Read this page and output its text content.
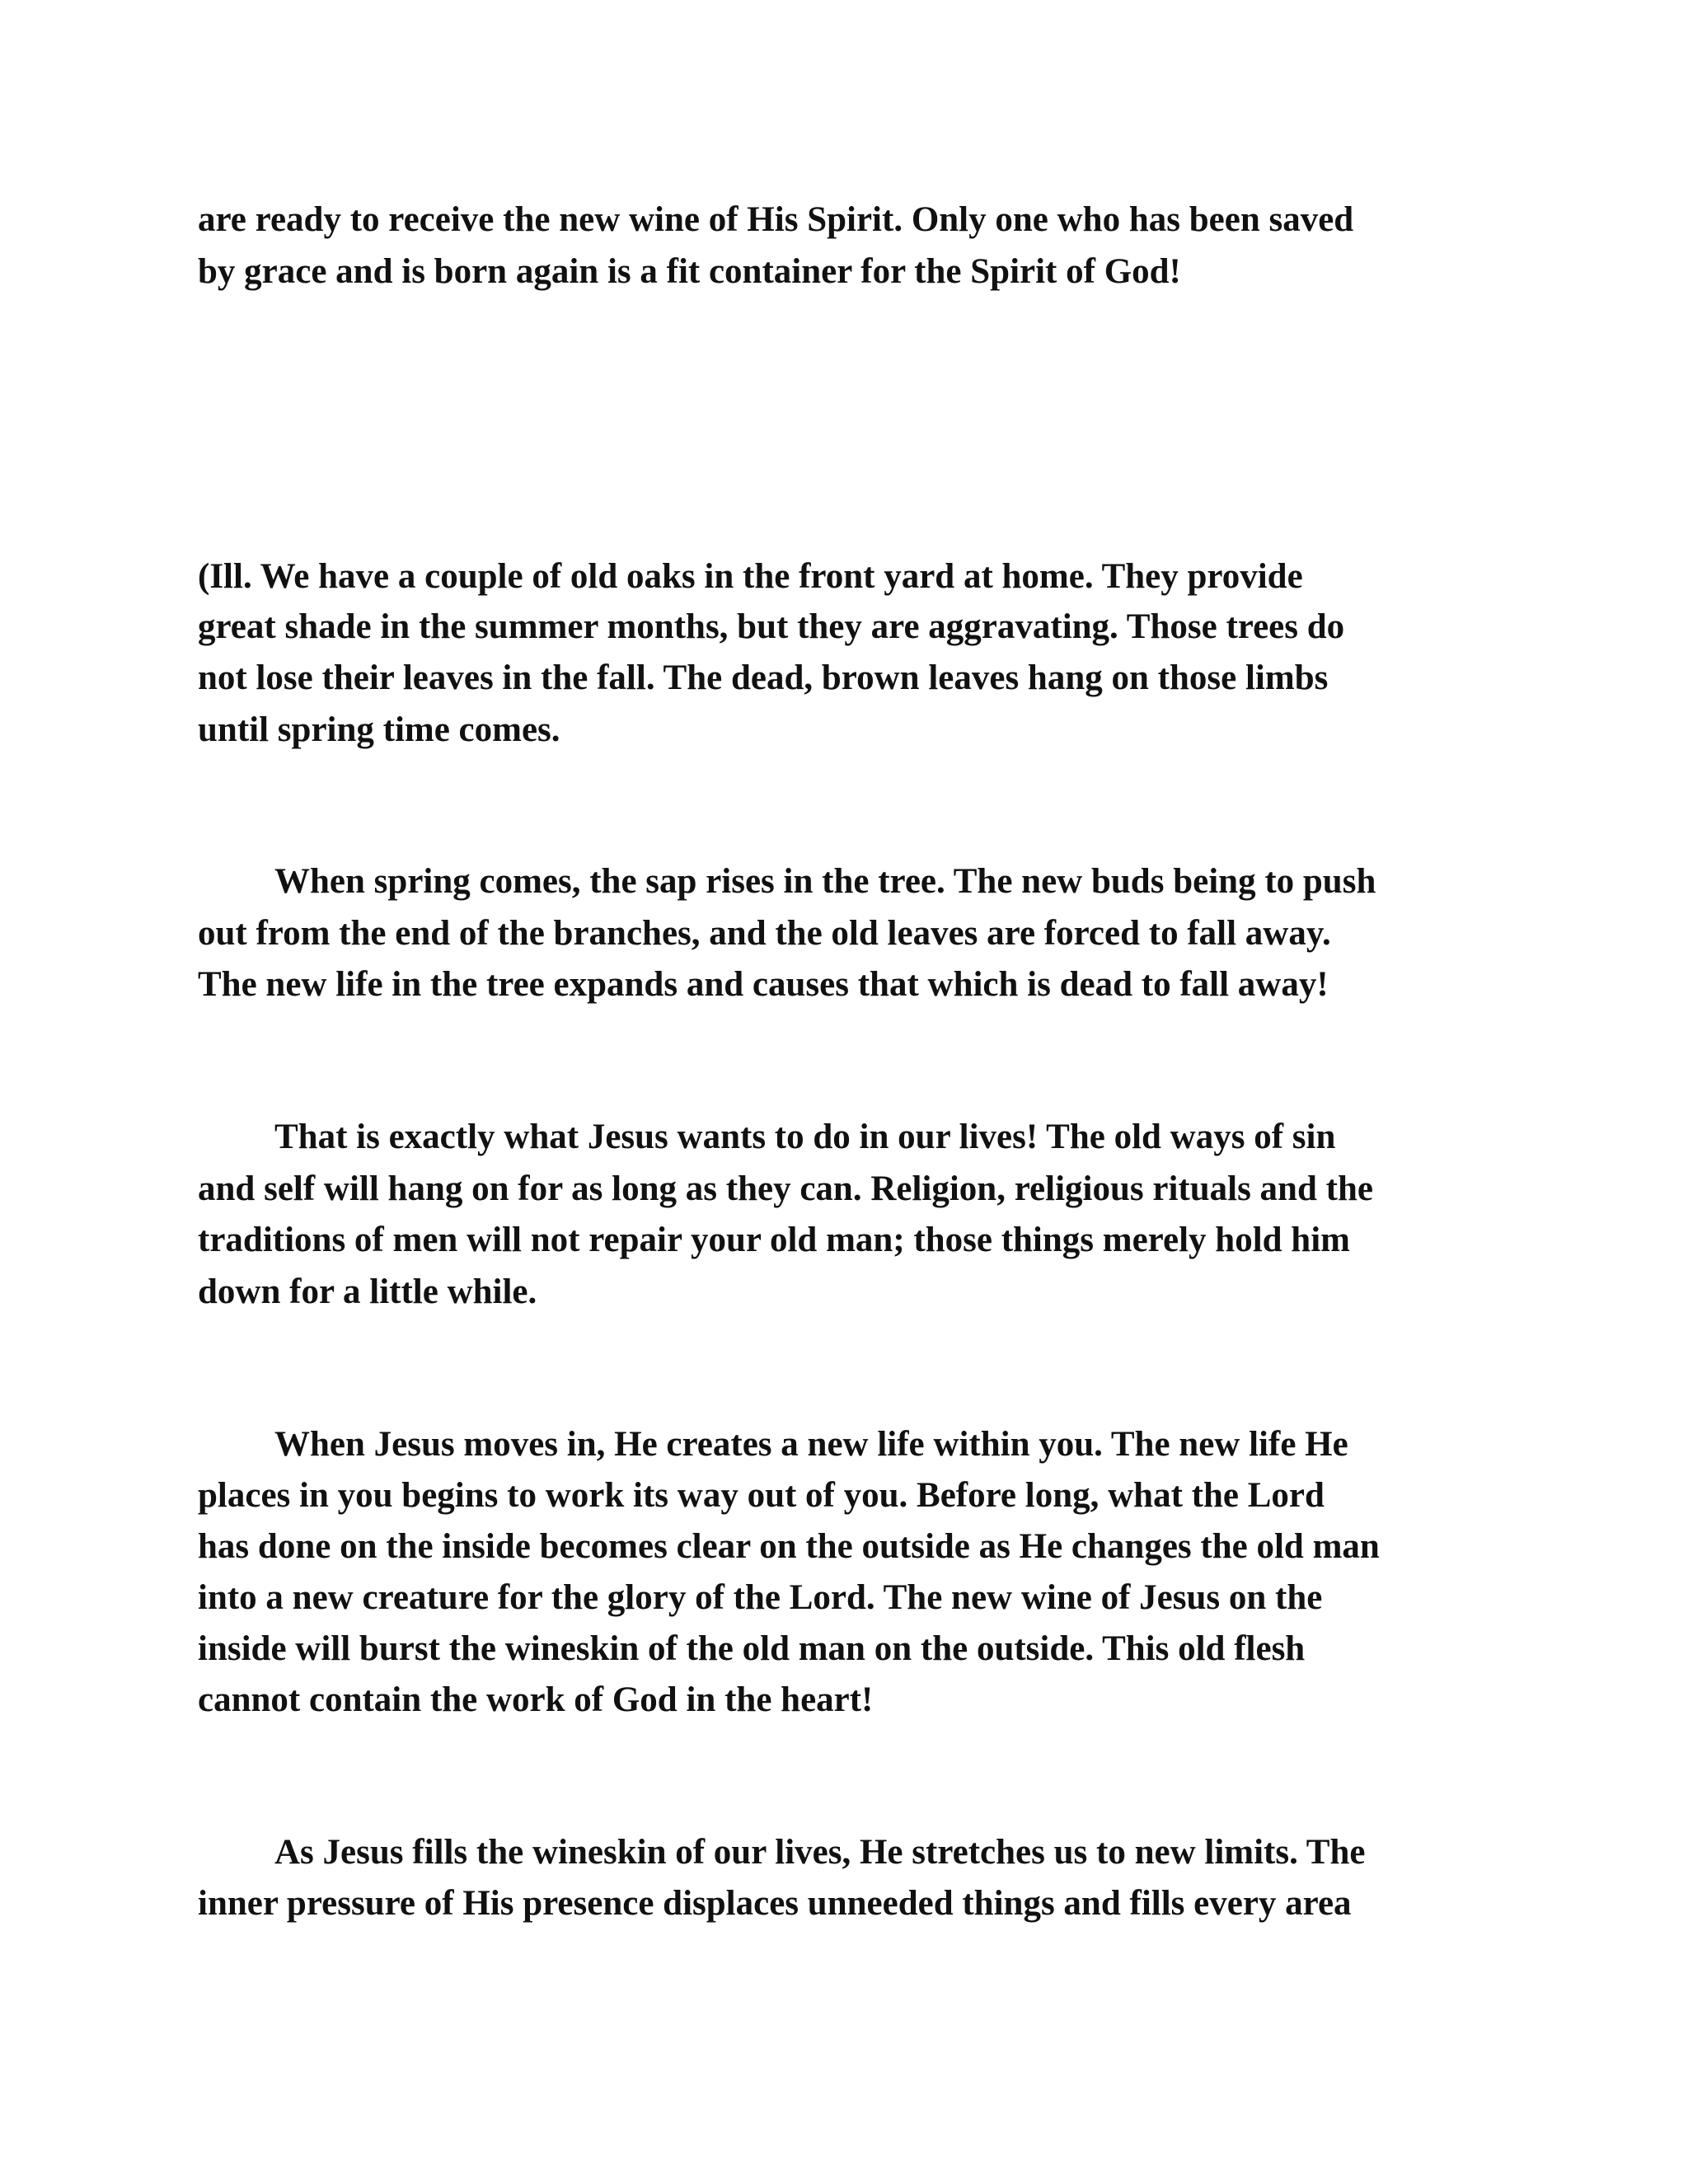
are ready to receive the new wine of His Spirit. Only one who has been saved

by grace and is born again is a fit container for the Spirit of God!

(Ill. We have a couple of old oaks in the front yard at home. They provide

great shade in the summer months, but they are aggravating. Those trees do

not lose their leaves in the fall. The dead, brown leaves hang on those limbs

until spring time comes.

When spring comes, the sap rises in the tree. The new buds being to push

out from the end of the branches, and the old leaves are forced to fall away.

The new life in the tree expands and causes that which is dead to fall away!

That is exactly what Jesus wants to do in our lives! The old ways of sin

and self will hang on for as long as they can. Religion, religious rituals and the

traditions of men will not repair your old man; those things merely hold him

down for a little while.

When Jesus moves in, He creates a new life within you. The new life He

places in you begins to work its way out of you. Before long, what the Lord

has done on the inside becomes clear on the outside as He changes the old man

into a new creature for the glory of the Lord. The new wine of Jesus on the

inside will burst the wineskin of the old man on the outside. This old flesh

cannot contain the work of God in the heart!

As Jesus fills the wineskin of our lives, He stretches us to new limits. The

inner pressure of His presence displaces unneeded things and fills every area
